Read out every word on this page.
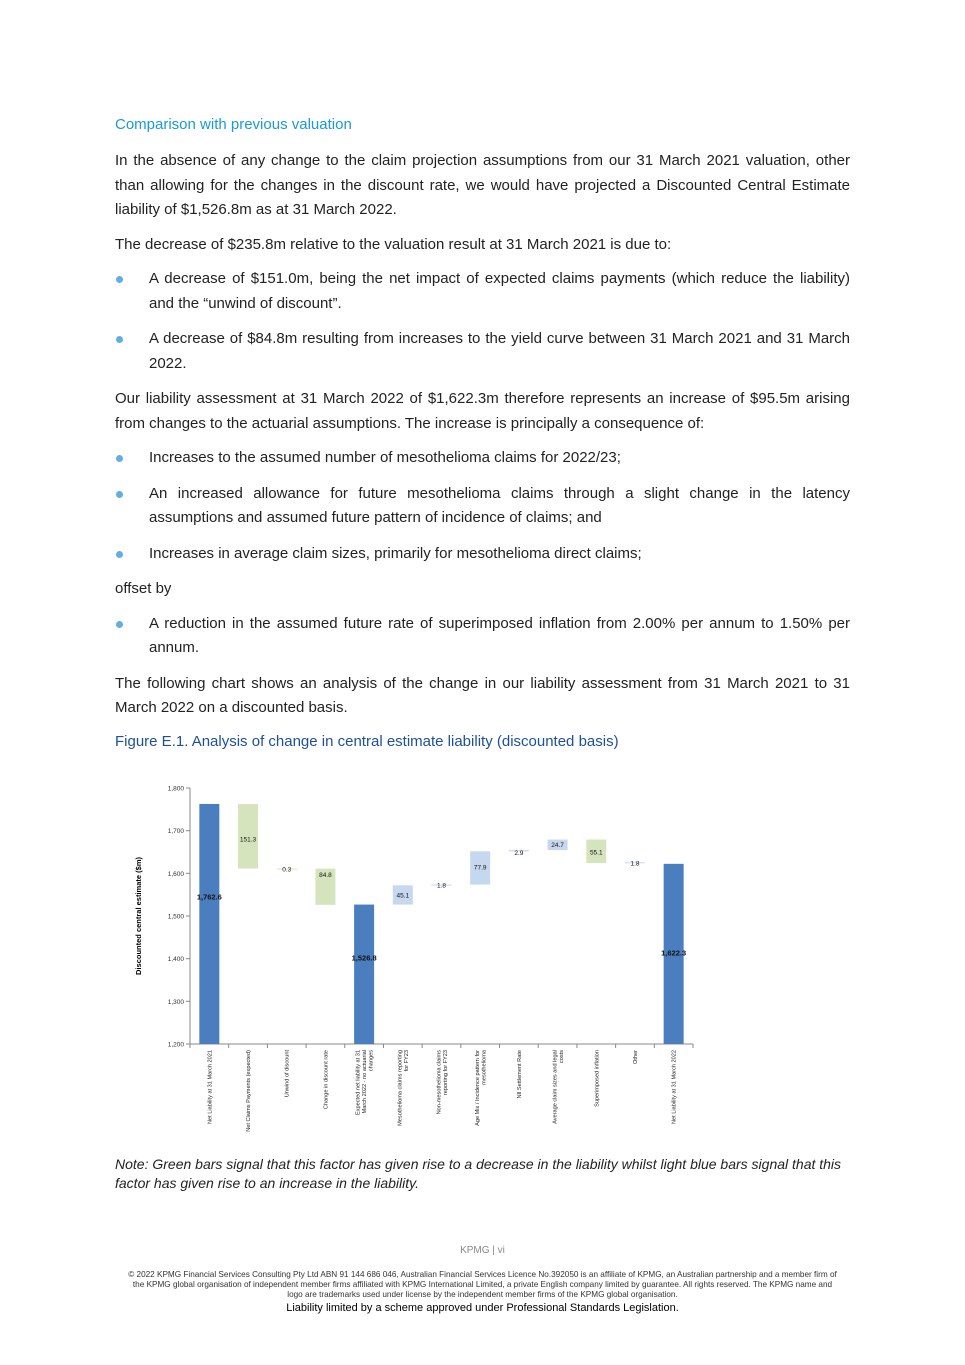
Comparison with previous valuation

In the absence of any change to the claim projection assumptions from our 31 March 2021 valuation, other than allowing for the changes in the discount rate, we would have projected a Discounted Central Estimate liability of $1,526.8m as at 31 March 2022.

The decrease of $235.8m relative to the valuation result at 31 March 2021 is due to:

A decrease of $151.0m, being the net impact of expected claims payments (which reduce the liability) and the “unwind of discount”.
A decrease of $84.8m resulting from increases to the yield curve between 31 March 2021 and 31 March 2022.

Our liability assessment at 31 March 2022 of $1,622.3m therefore represents an increase of $95.5m arising from changes to the actuarial assumptions. The increase is principally a consequence of:

Increases to the assumed number of mesothelioma claims for 2022/23;
An increased allowance for future mesothelioma claims through a slight change in the latency assumptions and assumed future pattern of incidence of claims; and
Increases in average claim sizes, primarily for mesothelioma direct claims;

offset by

A reduction in the assumed future rate of superimposed inflation from 2.00% per annum to 1.50% per annum.

The following chart shows an analysis of the change in our liability assessment from 31 March 2021 to 31 March 2022 on a discounted basis.

Figure E.1. Analysis of change in central estimate liability (discounted basis)
1,200
1,300
1,400
1,500
1,600
1,700
1,800
Discounted central estimate ($m)	1,762.6
151.3
0.3
84.8
1,526.8
45.1
1.8
77.9
2.9
24.7
55.1
1.8
1,622.3
Net Liability at 31 March 2021	Net Claims Payments (expected)	Unwind of discount	Change in discount rate	Expected net liability at 31March 2022 - no actuarialchanges	Mesothelioma claims reportingfor FY23	Non-mesothelioma claimsreporting for FY23	Age Mix / Incidence pattern formesothelioma	NIl Settlement Rate	Average claim sizes and legalcosts	Superimposed inflation	Other	Net Liability at 31 March 2022
Note: Green bars signal that this factor has given rise to a decrease in the liability whilst light blue bars signal that this factor has given rise to an increase in the liability.
KPMG | vi
© 2022 KPMG Financial Services Consulting Pty Ltd ABN 91 144 686 046, Australian Financial Services Licence No.392050 is an affiliate of KPMG, an Australian partnership and a member firm of the KPMG global organisation of independent member firms affiliated with KPMG International Limited, a private English company limited by guarantee. All rights reserved. The KPMG name and logo are trademarks used under license by the independent member firms of the KPMG global organisation.
Liability limited by a scheme approved under Professional Standards Legislation.
